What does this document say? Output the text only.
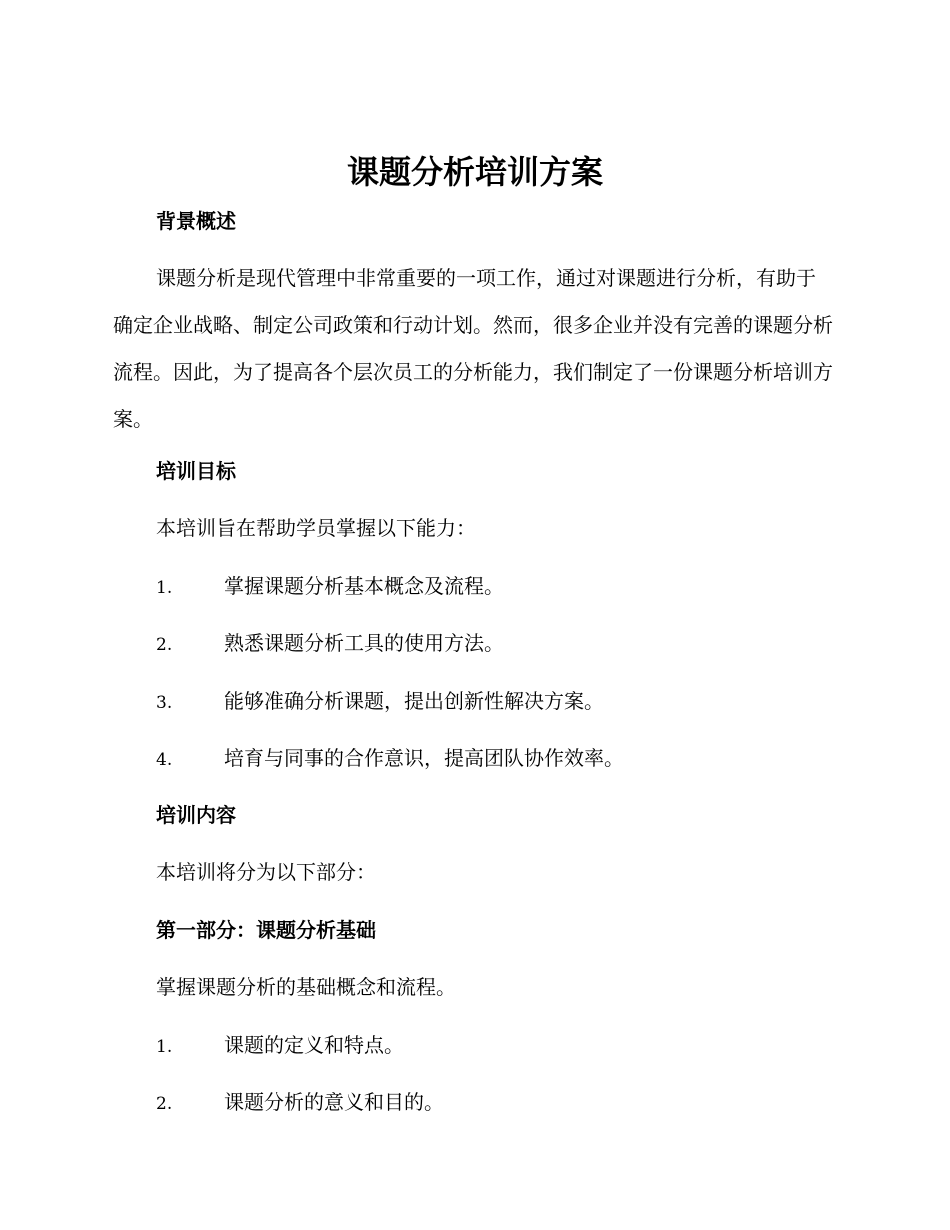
课题分析培训方案
背景概述

课题分析是现代管理中非常重要的一项工作，通过对课题进行分析，有助于确定企业战略、制定公司政策和行动计划。然而，很多企业并没有完善的课题分析流程。因此，为了提高各个层次员工的分析能力，我们制定了一份课题分析培训方案。

培训目标
本培训旨在帮助学员掌握以下能力：
1.	掌握课题分析基本概念及流程。
2.	熟悉课题分析工具的使用方法。
3.	能够准确分析课题，提出创新性解决方案。
4.	培育与同事的合作意识，提高团队协作效率。
培训内容
本培训将分为以下部分：
第一部分：课题分析基础
掌握课题分析的基础概念和流程。
1.	课题的定义和特点。
2.	课题分析的意义和目的。
